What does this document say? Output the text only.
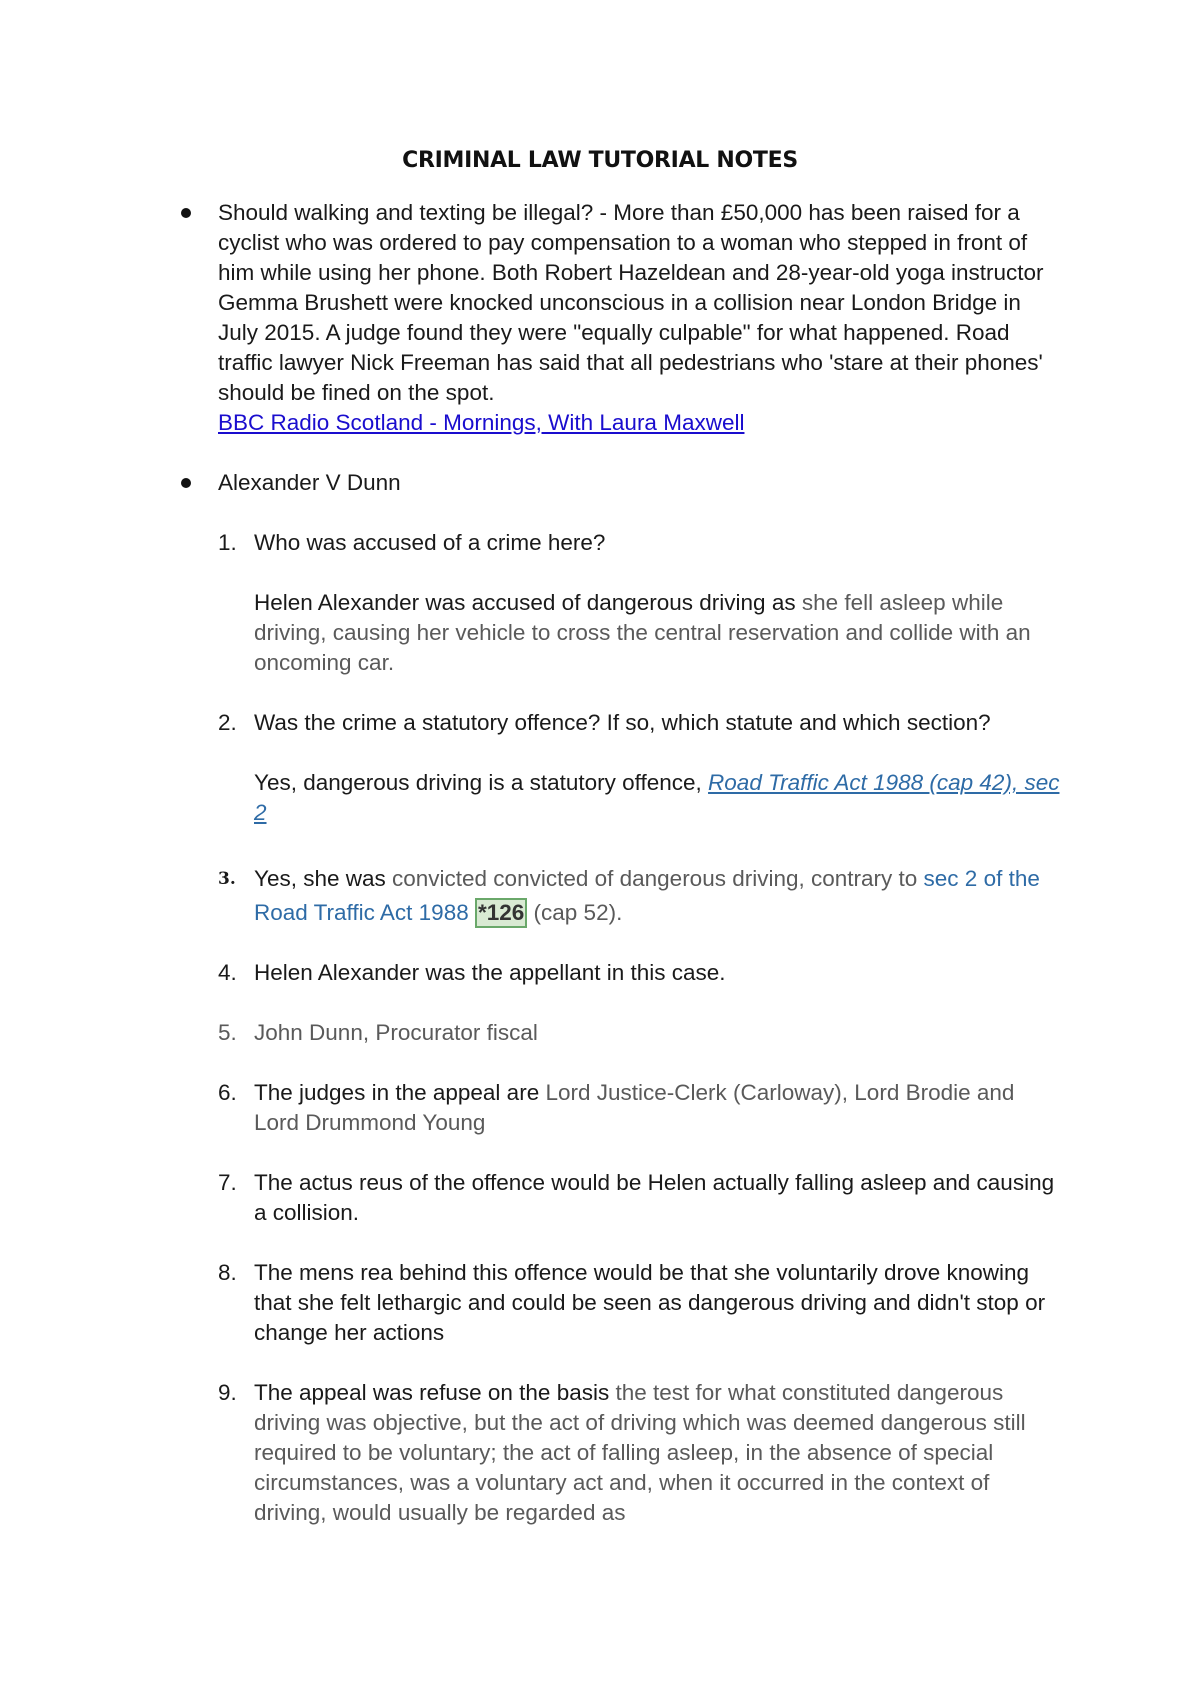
CRIMINAL LAW TUTORIAL NOTES
Should walking and texting be illegal? - More than £50,000 has been raised for a cyclist who was ordered to pay compensation to a woman who stepped in front of him while using her phone. Both Robert Hazeldean and 28-year-old yoga instructor Gemma Brushett were knocked unconscious in a collision near London Bridge in July 2015. A judge found they were "equally culpable" for what happened. Road traffic lawyer Nick Freeman has said that all pedestrians who 'stare at their phones' should be fined on the spot.
BBC Radio Scotland - Mornings, With Laura Maxwell
Alexander V Dunn
1. Who was accused of a crime here?
Helen Alexander was accused of dangerous driving as she fell asleep while driving, causing her vehicle to cross the central reservation and collide with an oncoming car.
2. Was the crime a statutory offence? If so, which statute and which section?
Yes, dangerous driving is a statutory offence, Road Traffic Act 1988 (cap 42), sec 2
3. Yes, she was convicted convicted of dangerous driving, contrary to sec 2 of the Road Traffic Act 1988 *126 (cap 52).
4. Helen Alexander was the appellant in this case.
5. John Dunn, Procurator fiscal
6. The judges in the appeal are Lord Justice-Clerk (Carloway), Lord Brodie and Lord Drummond Young
7. The actus reus of the offence would be Helen actually falling asleep and causing a collision.
8. The mens rea behind this offence would be that she voluntarily drove knowing that she felt lethargic and could be seen as dangerous driving and didn't stop or change her actions
9. The appeal was refuse on the basis the test for what constituted dangerous driving was objective, but the act of driving which was deemed dangerous still required to be voluntary; the act of falling asleep, in the absence of special circumstances, was a voluntary act and, when it occurred in the context of driving, would usually be regarded as
